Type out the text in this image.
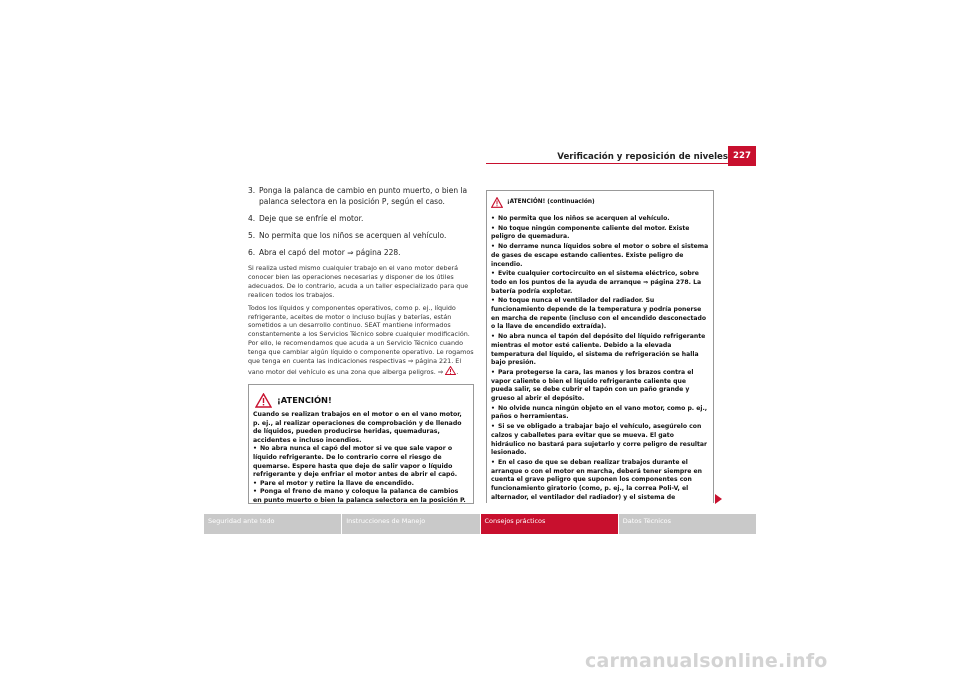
Verificación y reposición de niveles 227
3. Ponga la palanca de cambio en punto muerto, o bien la palanca selectora en la posición P, según el caso.
4. Deje que se enfríe el motor.
5. No permita que los niños se acerquen al vehículo.
6. Abra el capó del motor ⇒ página 228.

Si realiza usted mismo cualquier trabajo en el vano motor deberá conocer bien las operaciones necesarias y disponer de los útiles adecuados. De lo contrario, acuda a un taller especializado para que realicen todos los trabajos.

Todos los líquidos y componentes operativos, como p. ej., líquido refrigerante, aceites de motor o incluso bujías y baterías, están sometidos a un desarrollo continuo. SEAT mantiene informados constantemente a los Servicios Técnico sobre cualquier modificación. Por ello, le recomendamos que acuda a un Servicio Técnico cuando tenga que cambiar algún líquido o componente operativo. Le rogamos que tenga en cuenta las indicaciones respectivas ⇒ página 221. El vano motor del vehículo es una zona que alberga peligros. ⇒ .

¡ATENCIÓN!

Cuando se realizan trabajos en el motor o en el vano motor, p. ej., al realizar operaciones de comprobación y de llenado de líquidos, pueden producirse heridas, quemaduras, accidentes e incluso incendios.

• No abra nunca el capó del motor si ve que sale vapor o líquido refrigerante. De lo contrario corre el riesgo de quemarse. Espere hasta que deje de salir vapor o líquido refrigerante y deje enfriar el motor antes de abrir el capó.

• Pare el motor y retire la llave de encendido.

• Ponga el freno de mano y coloque la palanca de cambios en punto muerto o bien la palanca selectora en la posición P.

¡ATENCIÓN! (continuación)

• No permita que los niños se acerquen al vehículo.

• No toque ningún componente caliente del motor. Existe peligro de quemadura.

• No derrame nunca líquidos sobre el motor o sobre el sistema de gases de escape estando calientes. Existe peligro de incendio.

• Evite cualquier cortocircuito en el sistema eléctrico, sobre todo en los puntos de la ayuda de arranque ⇒ página 278. La batería podría explotar.

• No toque nunca el ventilador del radiador. Su funcionamiento depende de la temperatura y podría ponerse en marcha de repente (incluso con el encendido desconectado o la llave de encendido extraída).

• No abra nunca el tapón del depósito del líquido refrigerante mientras el motor esté caliente. Debido a la elevada temperatura del líquido, el sistema de refrigeración se halla bajo presión.

• Para protegerse la cara, las manos y los brazos contra el vapor caliente o bien el líquido refrigerante caliente que pueda salir, se debe cubrir el tapón con un paño grande y grueso al abrir el depósito.

• No olvide nunca ningún objeto en el vano motor, como p. ej., paños o herramientas.

• Si se ve obligado a trabajar bajo el vehículo, asegúrelo con calzos y caballetes para evitar que se mueva. El gato hidráulico no bastará para sujetarlo y corre peligro de resultar lesionado.

• En el caso de que se deban realizar trabajos durante el arranque o con el motor en marcha, deberá tener siempre en cuenta el grave peligro que suponen los componentes con funcionamiento giratorio (como, p. ej., la correa Poli-V, el alternador, el ventilador del radiador) y el sistema de

Seguridad ante todo	Instrucciones de Manejo	Consejos prácticos	Datos Técnicos
carmanualsonline.info
